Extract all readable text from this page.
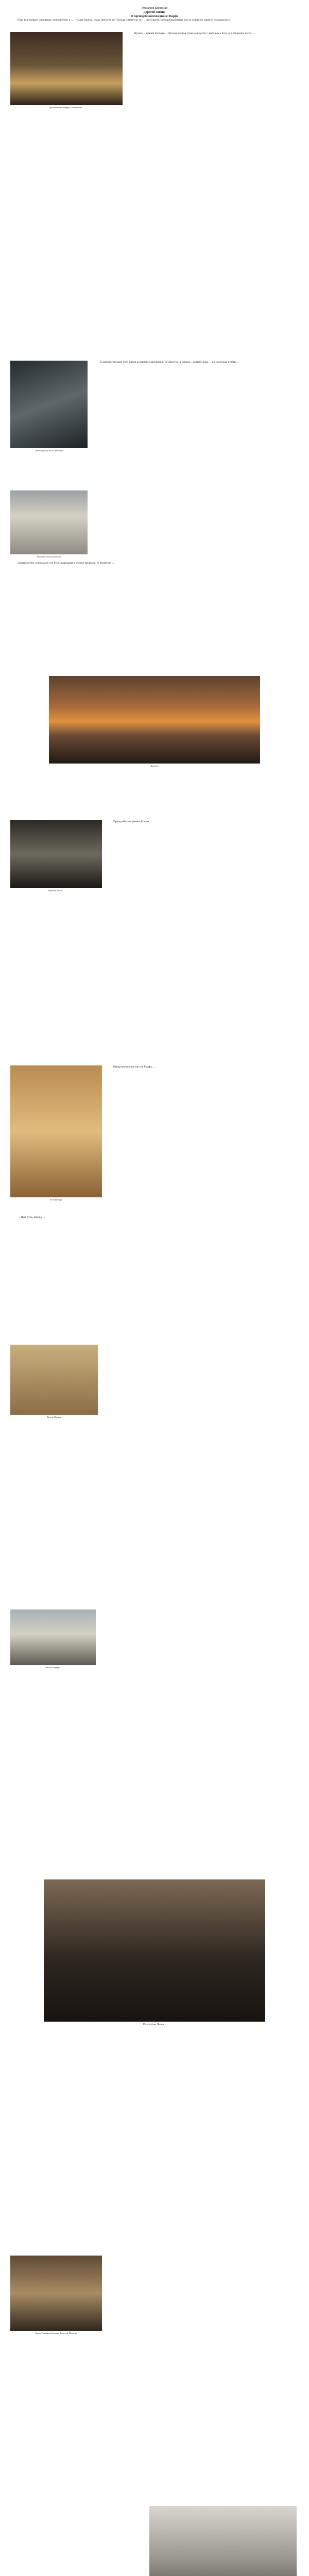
Игумения Евстолия
Дорогой жизни.
О преподобноисповеднице Марфе
Преподобная Марфа с сестрами…
Фотография того времени
В начале богослужения
Дивеево
Хоровое пение…
Богородица
Келия Марфы
Возле Марфы
Преподобная Марфа…
Храм Тихвинской иконы Божией Матери

Пока величайшее сокровище, воплощённое в … – Слава Христа, слава святости, не Господа Спасителя, не … святейшим Преподобный фанат оно не только не лишено, но возрастает…

Мучить – думаем Господь… Проходя первые годы молодости с любовью к Богу, она смиренно несла …

В данной ситуации этой жизни духовного сокрушения, но Христос не лишил… всякий, пока … но с весёлым отчёти …

одновременно утверждает, что Русь, вышедшая в земные привычки от Византии …

Преподобная игумения Марфа…

Иерархически настоятель Марфа …

— Иди, путь, вперёд …
